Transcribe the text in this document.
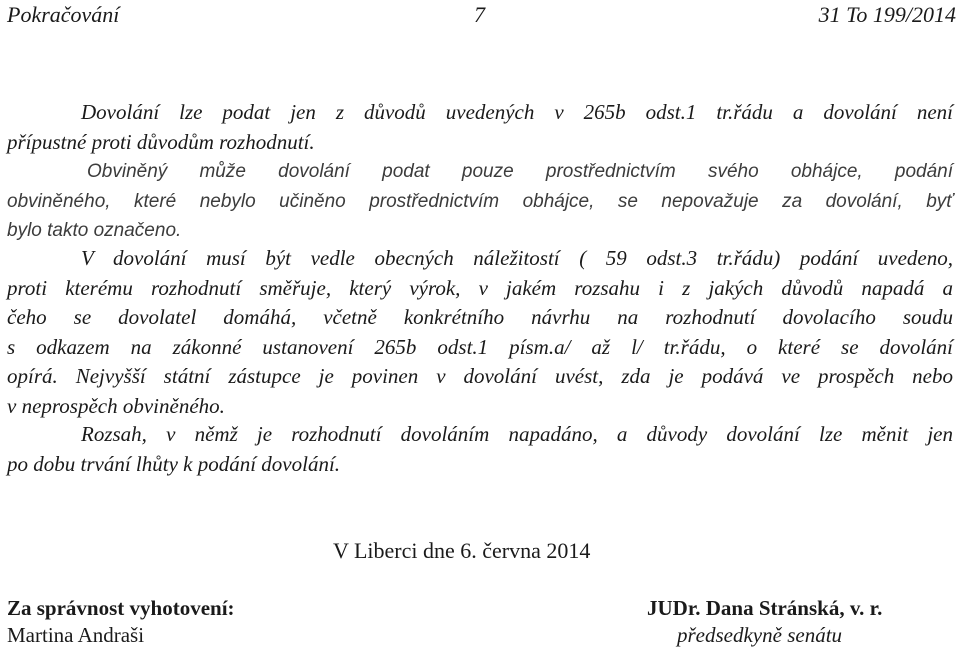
Pokračování	7	31 To 199/2014
Dovolání lze podat jen z důvodů uvedených v 265b odst.1 tr.řádu a dovolání není
přípustné proti důvodům rozhodnutí.
Obviněný může dovolání podat pouze prostřednictvím svého obhájce, podání
obviněného, které nebylo učiněno prostřednictvím obhájce, se nepovažuje za dovolání, byť
bylo takto označeno.
V dovolání musí být vedle obecných náležitostí ( 59 odst.3 tr.řádu) podání uvedeno,
proti kterému rozhodnutí směřuje, který výrok, v jakém rozsahu i z jakých důvodů napadá a
čeho se dovolatel domáhá, včetně konkrétního návrhu na rozhodnutí dovolacího soudu
s odkazem na zákonné ustanovení 265b odst.1 písm.a/ až l/ tr.řádu, o které se dovolání
opírá. Nejvyšší státní zástupce je povinen v dovolání uvést, zda je podává ve prospěch nebo
v neprospěch obviněného.
Rozsah, v němž je rozhodnutí dovoláním napadáno, a důvody dovolání lze měnit jen
po dobu trvání lhůty k podání dovolání.
V Liberci dne 6. června 2014
Za správnost vyhotovení:
Martina Andraši
JUDr. Dana Stránská, v. r.
předsedkyně senátu
